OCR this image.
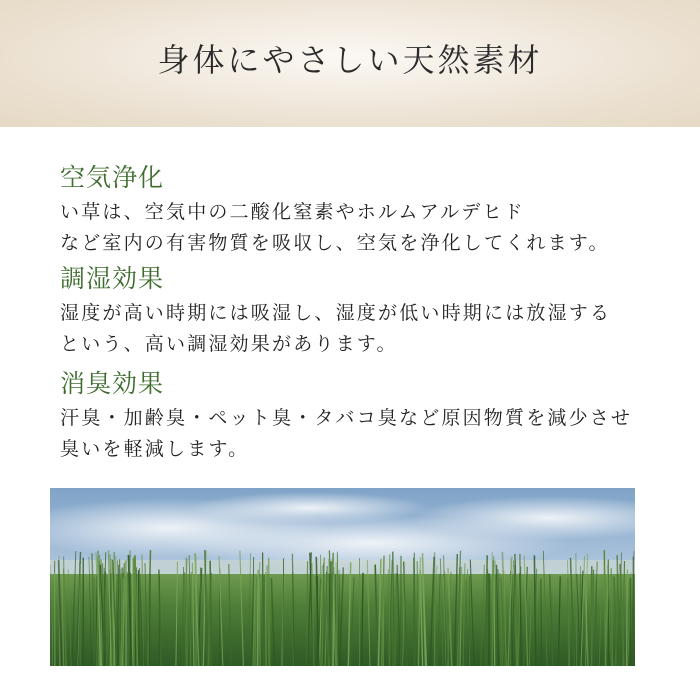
身体にやさしい天然素材
空気浄化
い草は、空気中の二酸化窒素やホルムアルデヒド
など室内の有害物質を吸収し、空気を浄化してくれます。
調湿効果
湿度が高い時期には吸湿し、湿度が低い時期には放湿する
という、高い調湿効果があります。
消臭効果
汗臭・加齢臭・ペット臭・タバコ臭など原因物質を減少させ
臭いを軽減します。
